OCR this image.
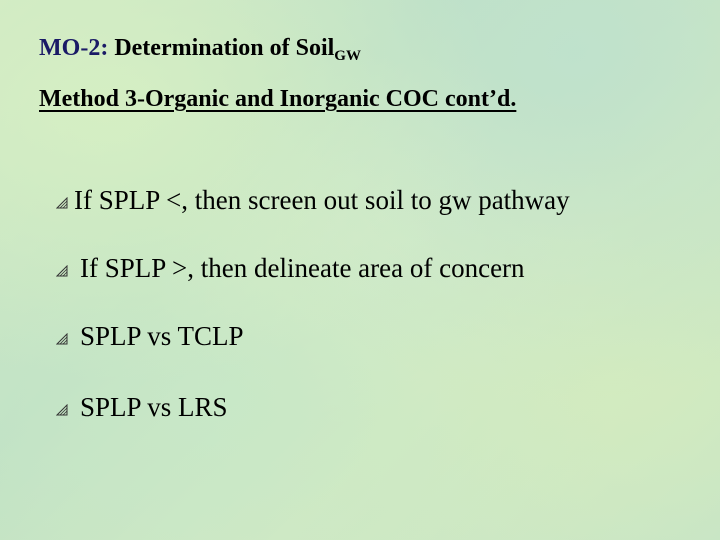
MO-2: Determination of Soil$_{GW}$
Method 3-Organic and Inorganic COC cont’d.
If SPLP <, then screen out soil to gw pathway
If SPLP >, then delineate area of concern
SPLP vs TCLP
SPLP vs LRS
